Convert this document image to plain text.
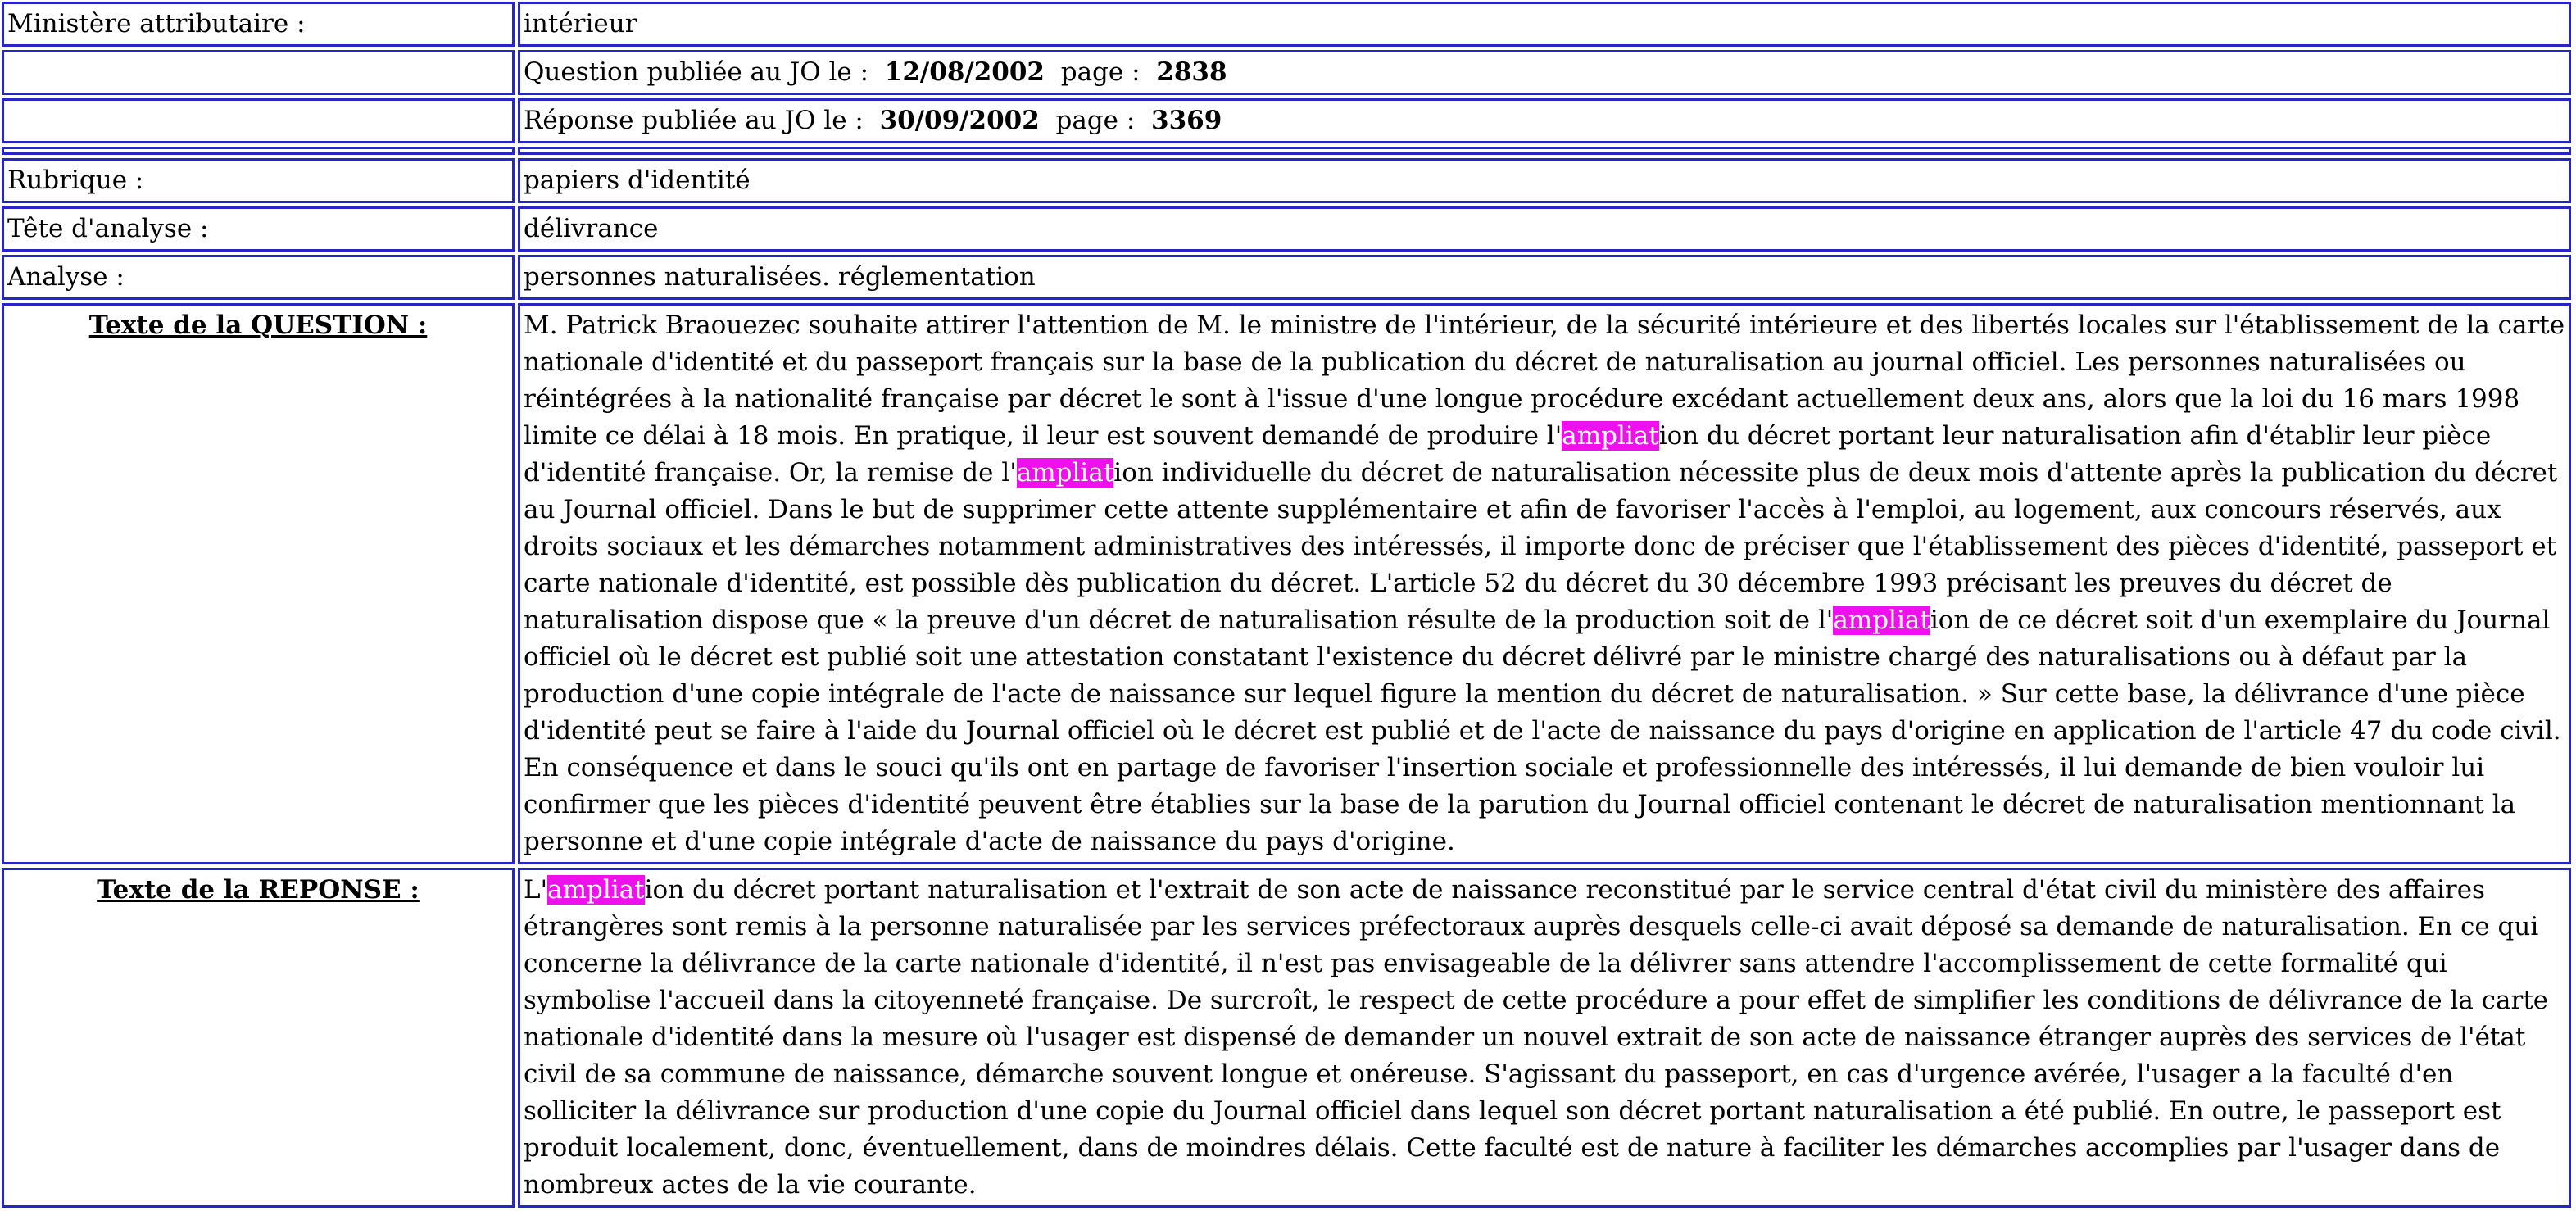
Ministère attributaire :	intérieur
	Question publiée au JO le : 12/08/2002 page : 2838
	Réponse publiée au JO le : 30/09/2002 page : 3369

Rubrique :	papiers d'identité
Tête d'analyse :	délivrance
Analyse :	personnes naturalisées. réglementation
Texte de la QUESTION :	M. Patrick Braouezec souhaite attirer l'attention de M. le ministre de l'intérieur, de la sécurité intérieure et des libertés locales sur l'établissement de la carte nationale d'identité et du passeport français sur la base de la publication du décret de naturalisation au journal officiel. Les personnes naturalisées ou réintégrées à la nationalité française par décret le sont à l'issue d'une longue procédure excédant actuellement deux ans, alors que la loi du 16 mars 1998 limite ce délai à 18 mois. En pratique, il leur est souvent demandé de produire l'ampliation du décret portant leur naturalisation afin d'établir leur pièce d'identité française. Or, la remise de l'ampliation individuelle du décret de naturalisation nécessite plus de deux mois d'attente après la publication du décret au Journal officiel. Dans le but de supprimer cette attente supplémentaire et afin de favoriser l'accès à l'emploi, au logement, aux concours réservés, aux droits sociaux et les démarches notamment administratives des intéressés, il importe donc de préciser que l'établissement des pièces d'identité, passeport et carte nationale d'identité, est possible dès publication du décret. L'article 52 du décret du 30 décembre 1993 précisant les preuves du décret de naturalisation dispose que « la preuve d'un décret de naturalisation résulte de la production soit de l'ampliation de ce décret soit d'un exemplaire du Journal officiel où le décret est publié soit une attestation constatant l'existence du décret délivré par le ministre chargé des naturalisations ou à défaut par la production d'une copie intégrale de l'acte de naissance sur lequel figure la mention du décret de naturalisation. » Sur cette base, la délivrance d'une pièce d'identité peut se faire à l'aide du Journal officiel où le décret est publié et de l'acte de naissance du pays d'origine en application de l'article 47 du code civil. En conséquence et dans le souci qu'ils ont en partage de favoriser l'insertion sociale et professionnelle des intéressés, il lui demande de bien vouloir lui confirmer que les pièces d'identité peuvent être établies sur la base de la parution du Journal officiel contenant le décret de naturalisation mentionnant la personne et d'une copie intégrale d'acte de naissance du pays d'origine.
Texte de la REPONSE :	L'ampliation du décret portant naturalisation et l'extrait de son acte de naissance reconstitué par le service central d'état civil du ministère des affaires étrangères sont remis à la personne naturalisée par les services préfectoraux auprès desquels celle-ci avait déposé sa demande de naturalisation. En ce qui concerne la délivrance de la carte nationale d'identité, il n'est pas envisageable de la délivrer sans attendre l'accomplissement de cette formalité qui symbolise l'accueil dans la citoyenneté française. De surcroît, le respect de cette procédure a pour effet de simplifier les conditions de délivrance de la carte nationale d'identité dans la mesure où l'usager est dispensé de demander un nouvel extrait de son acte de naissance étranger auprès des services de l'état civil de sa commune de naissance, démarche souvent longue et onéreuse. S'agissant du passeport, en cas d'urgence avérée, l'usager a la faculté d'en solliciter la délivrance sur production d'une copie du Journal officiel dans lequel son décret portant naturalisation a été publié. En outre, le passeport est produit localement, donc, éventuellement, dans de moindres délais. Cette faculté est de nature à faciliter les démarches accomplies par l'usager dans de nombreux actes de la vie courante.
